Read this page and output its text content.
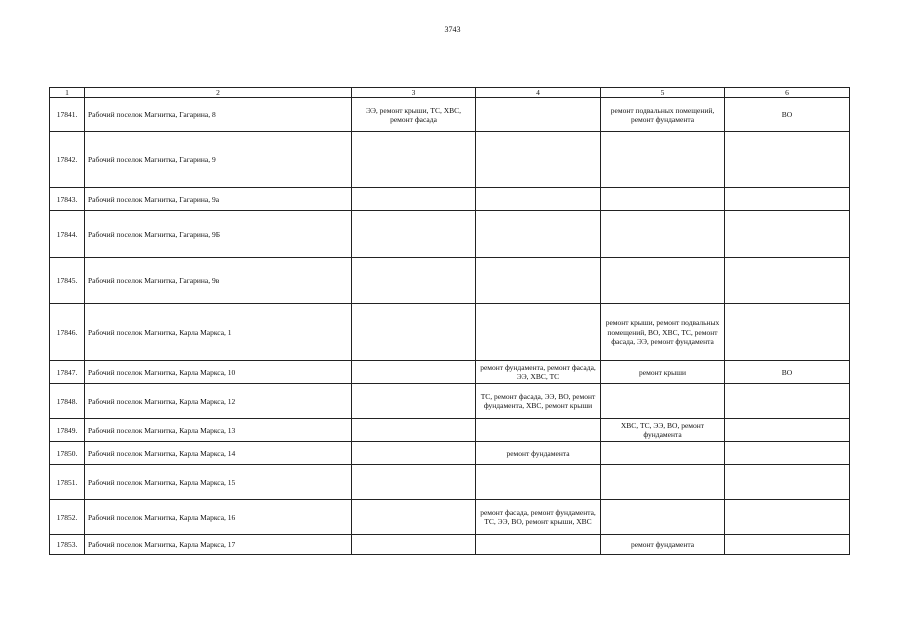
3743
1	2	3	4	5	6
17841.	Рабочий поселок Магнитка, Гагарина, 8	ЭЭ, ремонт крыши, ТС, ХВС, ремонт фасада		ремонт подвальных помещений, ремонт фундамента	ВО
17842.	Рабочий поселок Магнитка, Гагарина, 9				
17843.	Рабочий поселок Магнитка, Гагарина, 9а				
17844.	Рабочий поселок Магнитка, Гагарина, 9Б				
17845.	Рабочий поселок Магнитка, Гагарина, 9в				
17846.	Рабочий поселок Магнитка, Карла Маркса, 1			ремонт крыши, ремонт подвальных помещений, ВО, ХВС, ТС, ремонт фасада, ЭЭ, ремонт фундамента	
17847.	Рабочий поселок Магнитка, Карла Маркса, 10		ремонт фундамента, ремонт фасада, ЭЭ, ХВС, ТС	ремонт крыши	ВО
17848.	Рабочий поселок Магнитка, Карла Маркса, 12		ТС, ремонт фасада, ЭЭ, ВО, ремонт фундамента, ХВС, ремонт крыши		
17849.	Рабочий поселок Магнитка, Карла Маркса, 13			ХВС, ТС, ЭЭ, ВО, ремонт фундамента	
17850.	Рабочий поселок Магнитка, Карла Маркса, 14		ремонт фундамента		
17851.	Рабочий поселок Магнитка, Карла Маркса, 15				
17852.	Рабочий поселок Магнитка, Карла Маркса, 16		ремонт фасада, ремонт фундамента, ТС, ЭЭ, ВО, ремонт крыши, ХВС		
17853.	Рабочий поселок Магнитка, Карла Маркса, 17			ремонт фундамента	
